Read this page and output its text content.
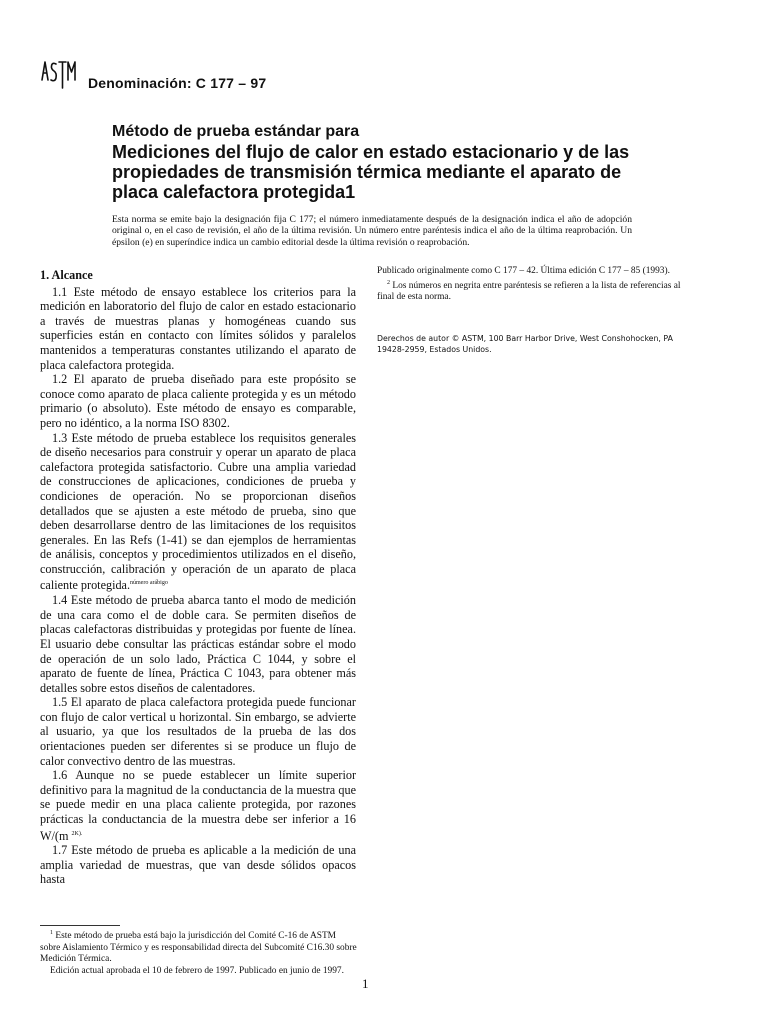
Denominación: C 177 – 97
Método de prueba estándar para
Mediciones del flujo de calor en estado estacionario y de las propiedades de transmisión térmica mediante el aparato de placa calefactora protegida1
Esta norma se emite bajo la designación fija C 177; el número inmediatamente después de la designación indica el año de adopción original o, en el caso de revisión, el año de la última revisión. Un número entre paréntesis indica el año de la última reaprobación. Un épsilon (e) en superíndice indica un cambio editorial desde la última revisión o reaprobación.
1. Alcance

1.1 Este método de ensayo establece los criterios para la medición en laboratorio del flujo de calor en estado estacionario a través de muestras planas y homogéneas cuando sus superficies están en contacto con límites sólidos y paralelos mantenidos a temperaturas constantes utilizando el aparato de placa calefactora protegida.

1.2 El aparato de prueba diseñado para este propósito se conoce como aparato de placa caliente protegida y es un método primario (o absoluto). Este método de ensayo es comparable, pero no idéntico, a la norma ISO 8302.

1.3 Este método de prueba establece los requisitos generales de diseño necesarios para construir y operar un aparato de placa calefactora protegida satisfactorio. Cubre una amplia variedad de construcciones de aplicaciones, condiciones de prueba y condiciones de operación. No se proporcionan diseños detallados que se ajusten a este método de prueba, sino que deben desarrollarse dentro de las limitaciones de los requisitos generales. En las Refs (1-41) se dan ejemplos de herramientas de análisis, conceptos y procedimientos utilizados en el diseño, construcción, calibración y operación de un aparato de placa caliente protegida.$^{número arábigo}$

1.4 Este método de prueba abarca tanto el modo de medición de una cara como el de doble cara. Se permiten diseños de placas calefactoras distribuidas y protegidas por fuente de línea. El usuario debe consultar las prácticas estándar sobre el modo de operación de un solo lado, Práctica C 1044, y sobre el aparato de fuente de línea, Práctica C 1043, para obtener más detalles sobre estos diseños de calentadores.

1.5 El aparato de placa calefactora protegida puede funcionar con flujo de calor vertical u horizontal. Sin embargo, se advierte al usuario, ya que los resultados de la prueba de las dos orientaciones pueden ser diferentes si se produce un flujo de calor convectivo dentro de las muestras.

1.6 Aunque no se puede establecer un límite superior definitivo para la magnitud de la conductancia de la muestra que se puede medir en una placa caliente protegida, por razones prácticas la conductancia de la muestra debe ser inferior a 16 W/(m $^{2K).}$

1.7 Este método de prueba es aplicable a la medición de una amplia variedad de muestras, que van desde sólidos opacos hasta

$^1$ Este método de prueba está bajo la jurisdicción del Comité C-16 de ASTM sobre Aislamiento Térmico y es responsabilidad directa del Subcomité C16.30 sobre Medición Térmica.

Edición actual aprobada el 10 de febrero de 1997. Publicado en junio de 1997.

Publicado originalmente como C 177 – 42. Última edición C 177 – 85 (1993).

$^2$ Los números en negrita entre paréntesis se refieren a la lista de referencias al final de esta norma.

Derechos de autor © ASTM, 100 Barr Harbor Drive, West Conshohocken, PA 19428-2959, Estados Unidos.
1
